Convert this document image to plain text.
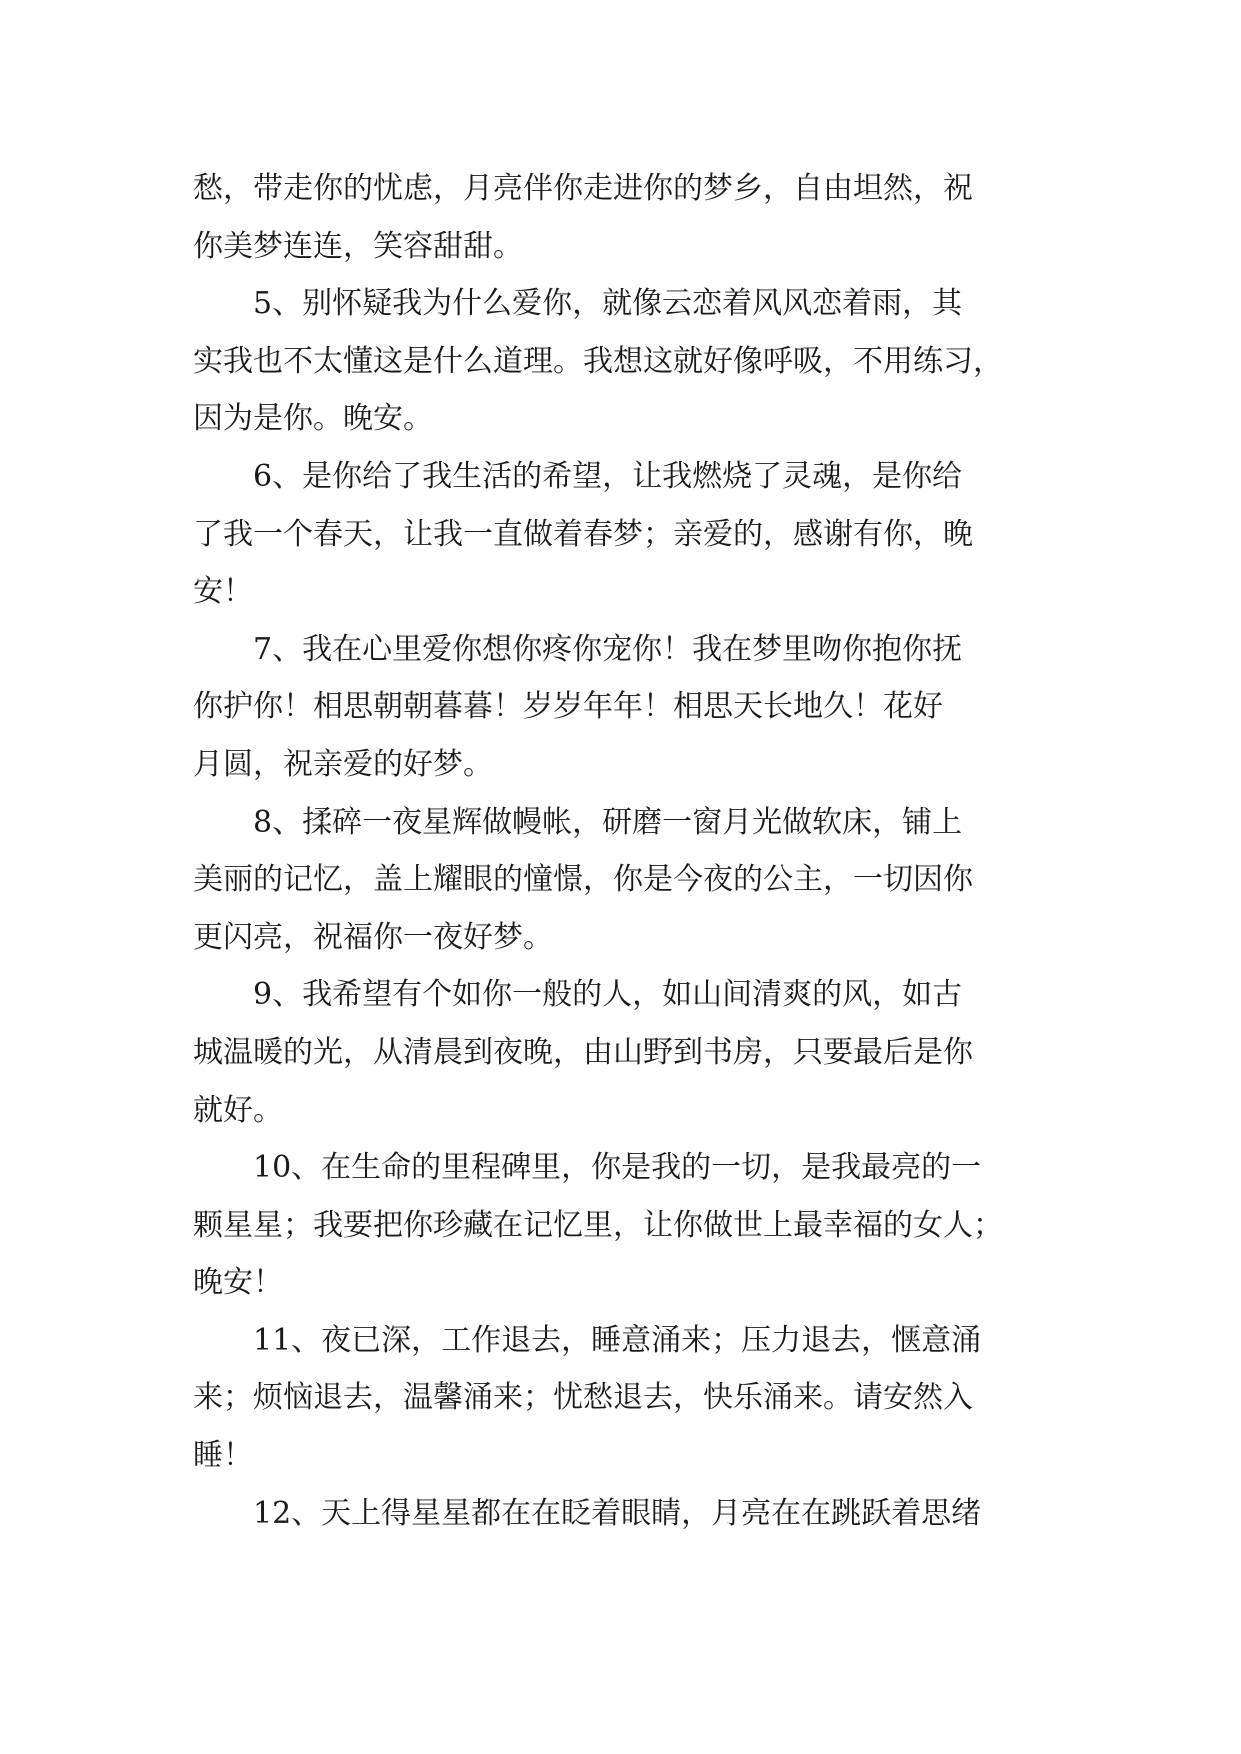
愁，带走你的忧虑，月亮伴你走进你的梦乡，自由坦然，祝
你美梦连连，笑容甜甜。
5、别怀疑我为什么爱你，就像云恋着风风恋着雨，其
实我也不太懂这是什么道理。我想这就好像呼吸，不用练习，
因为是你。晚安。
6、是你给了我生活的希望，让我燃烧了灵魂，是你给
了我一个春天，让我一直做着春梦；亲爱的，感谢有你，晚
安！
7、我在心里爱你想你疼你宠你！我在梦里吻你抱你抚
你护你！相思朝朝暮暮！岁岁年年！相思天长地久！花好
月圆，祝亲爱的好梦。
8、揉碎一夜星辉做幔帐，研磨一窗月光做软床，铺上
美丽的记忆，盖上耀眼的憧憬，你是今夜的公主，一切因你
更闪亮，祝福你一夜好梦。
9、我希望有个如你一般的人，如山间清爽的风，如古
城温暖的光，从清晨到夜晚，由山野到书房，只要最后是你
就好。
10、在生命的里程碑里，你是我的一切，是我最亮的一
颗星星；我要把你珍藏在记忆里，让你做世上最幸福的女人；
晚安！
11、夜已深，工作退去，睡意涌来；压力退去，惬意涌
来；烦恼退去，温馨涌来；忧愁退去，快乐涌来。请安然入
睡！
12、天上得星星都在在眨着眼睛，月亮在在跳跃着思绪
